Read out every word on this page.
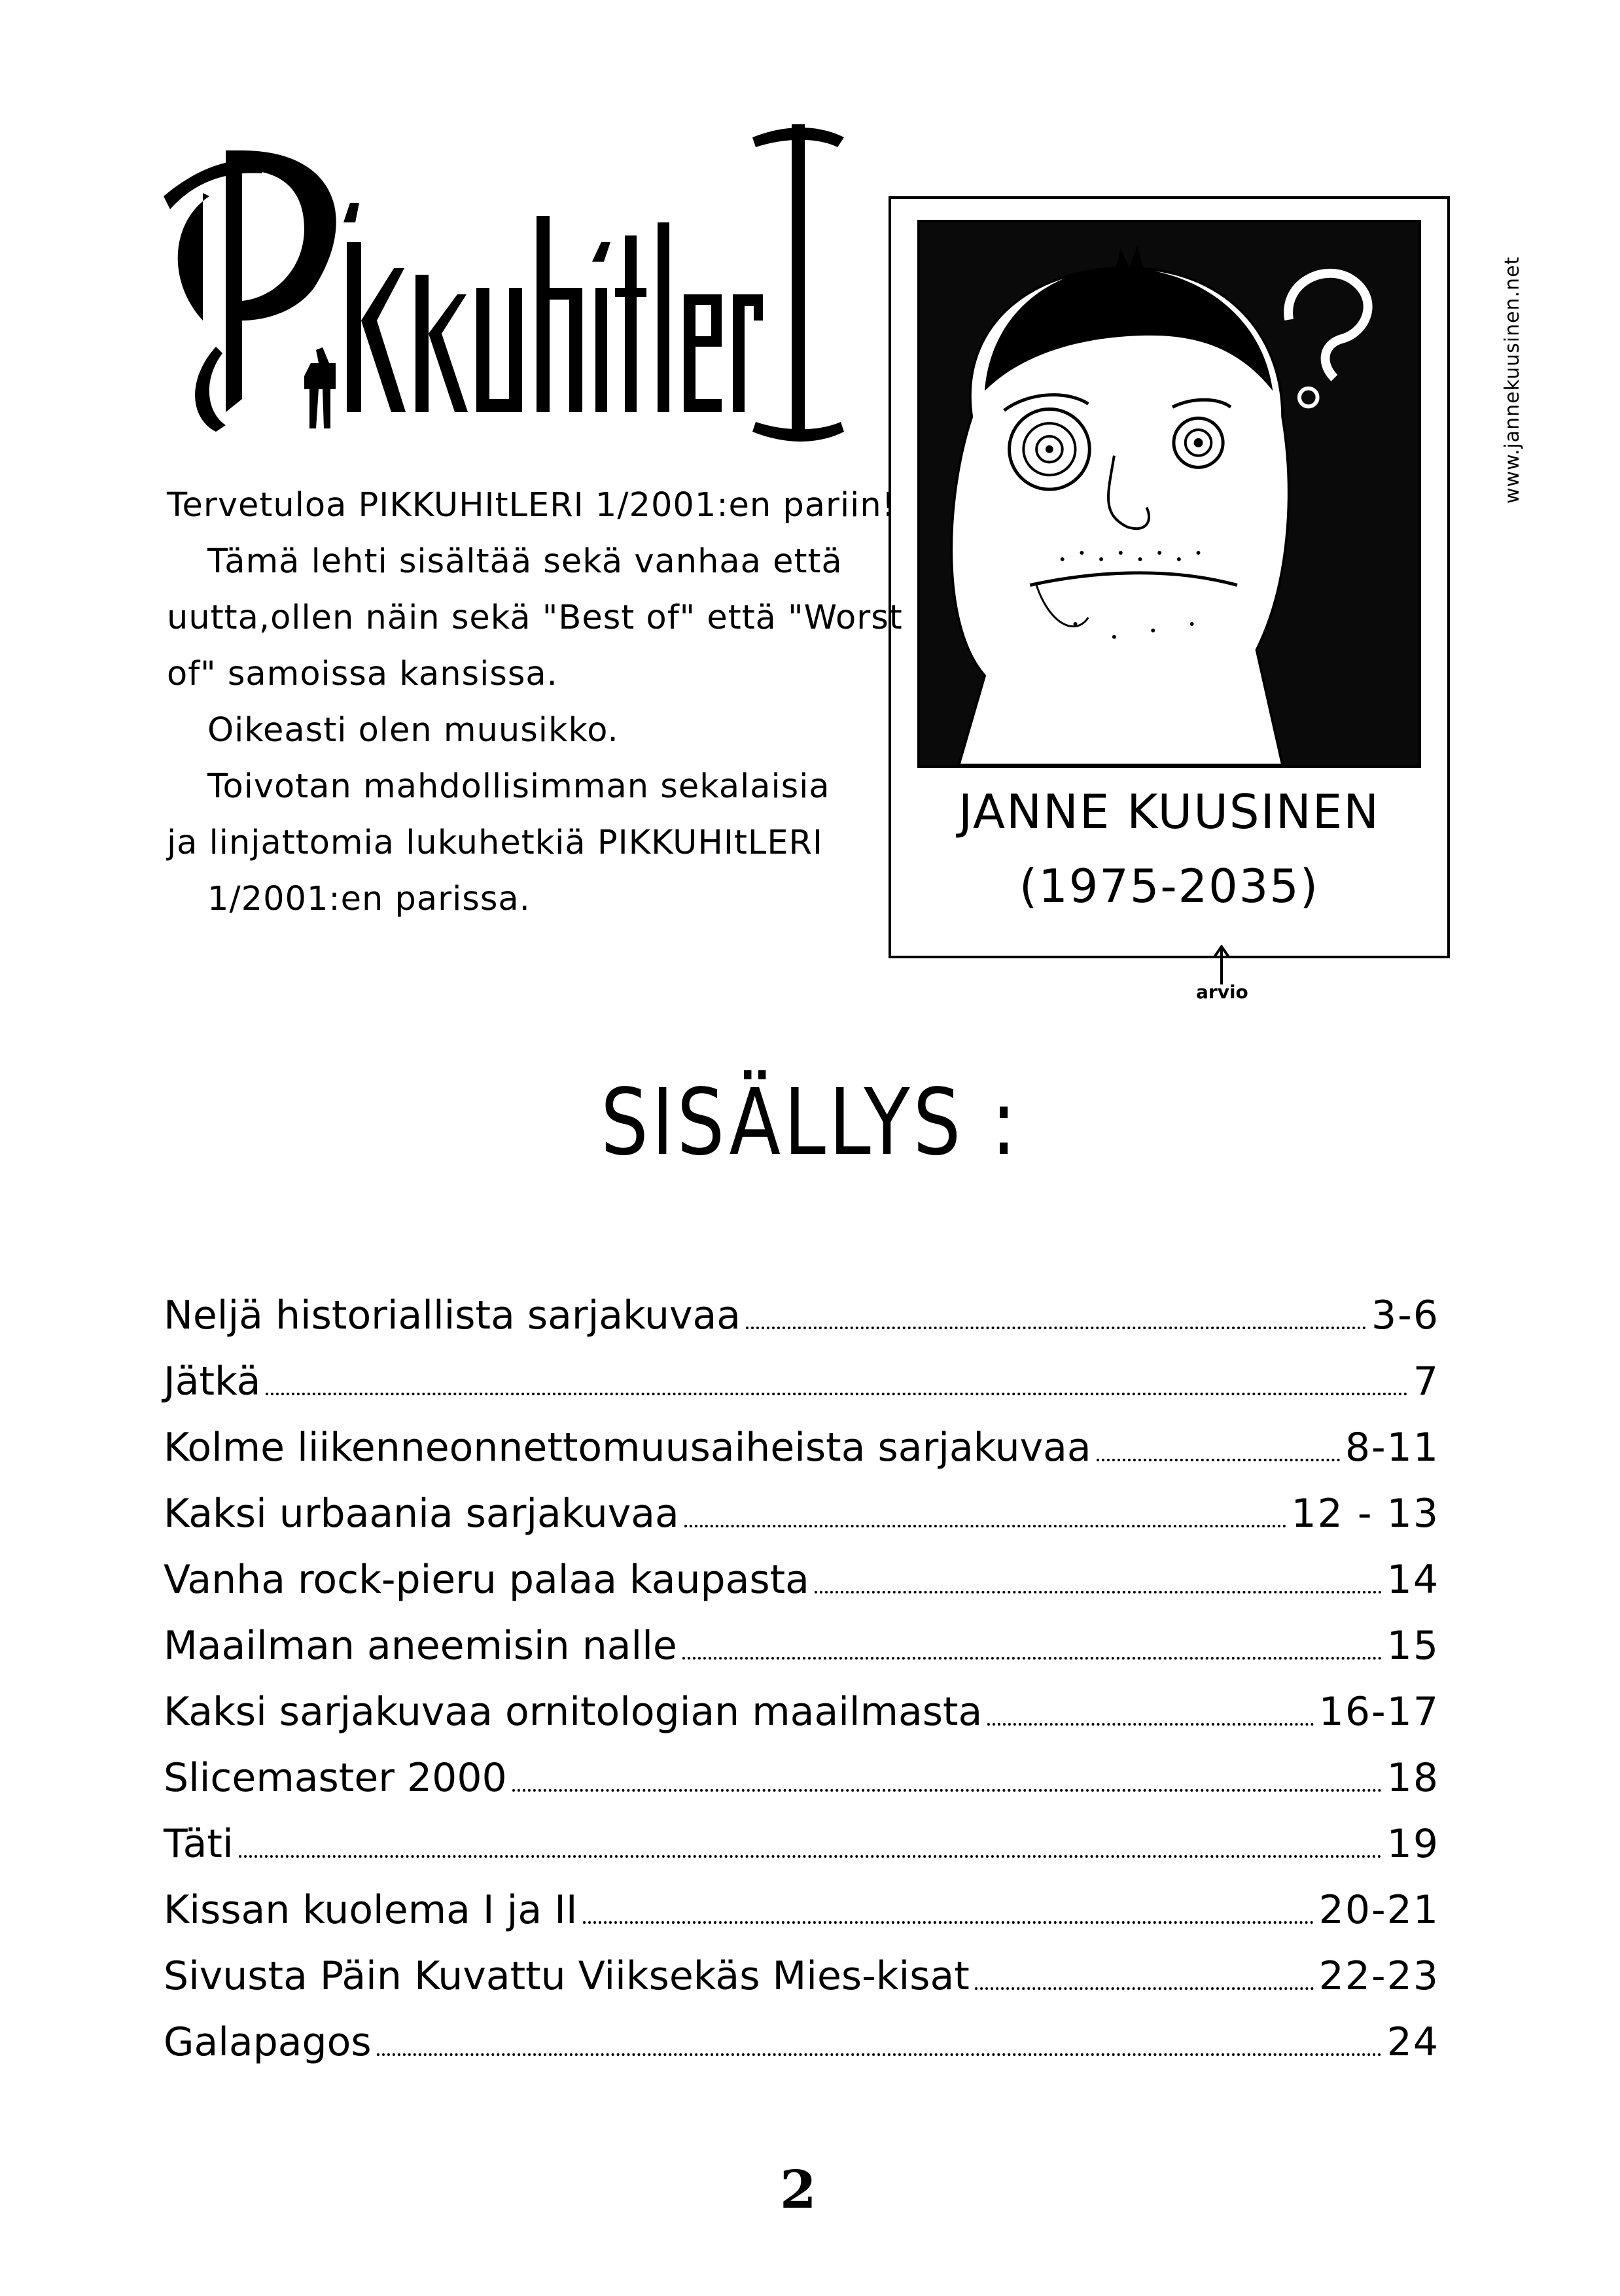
Tervetuloa PIKKUHItLERI 1/2001:en pariin!

Tämä lehti sisältää sekä vanhaa että

uutta,ollen näin sekä "Best of" että "Worst

of" samoissa kansissa.

Oikeasti olen muusikko.

Toivotan mahdollisimman sekalaisia

ja linjattomia lukuhetkiä PIKKUHItLERI

1/2001:en parissa.

JANNE KUUSINEN
(1975-2035)
arvio
www.jannekuusinen.net
SISÄLLYS :
Neljä historiallista sarjakuvaa	3-6
Jätkä	7
Kolme liikenneonnettomuusaiheista sarjakuvaa	8-11
Kaksi urbaania sarjakuvaa	12 - 13
Vanha rock-pieru palaa kaupasta	14
Maailman aneemisin nalle	15
Kaksi sarjakuvaa ornitologian maailmasta	16-17
Slicemaster 2000	18
Täti	19
Kissan kuolema I ja II	20-21
Sivusta Päin Kuvattu Viiksekäs Mies-kisat	22-23
Galapagos	24
2
